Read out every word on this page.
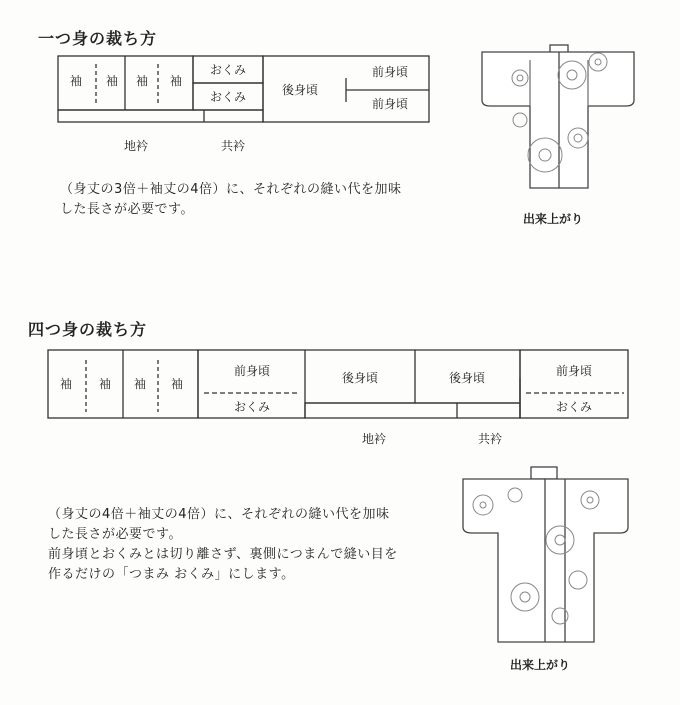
一つ身の裁ち方
袖 袖 袖 袖
おくみ
おくみ	後身頃
前身頃
前身頃
地衿	共衿
袖 袖 袖 袖
前身頃
おくみ
後身頃	後身頃	前身頃
おくみ
地衿	共衿
（身丈の3倍＋袖丈の4倍）に、それぞれの縫い代を加味
した長さが必要です。
出来上がり
四つ身の裁ち方
（身丈の4倍＋袖丈の4倍）に、それぞれの縫い代を加味
した長さが必要です。
前身頃とおくみとは切り離さず、裏側につまんで縫い目を
作るだけの「つまみ おくみ」にします。
出来上がり
